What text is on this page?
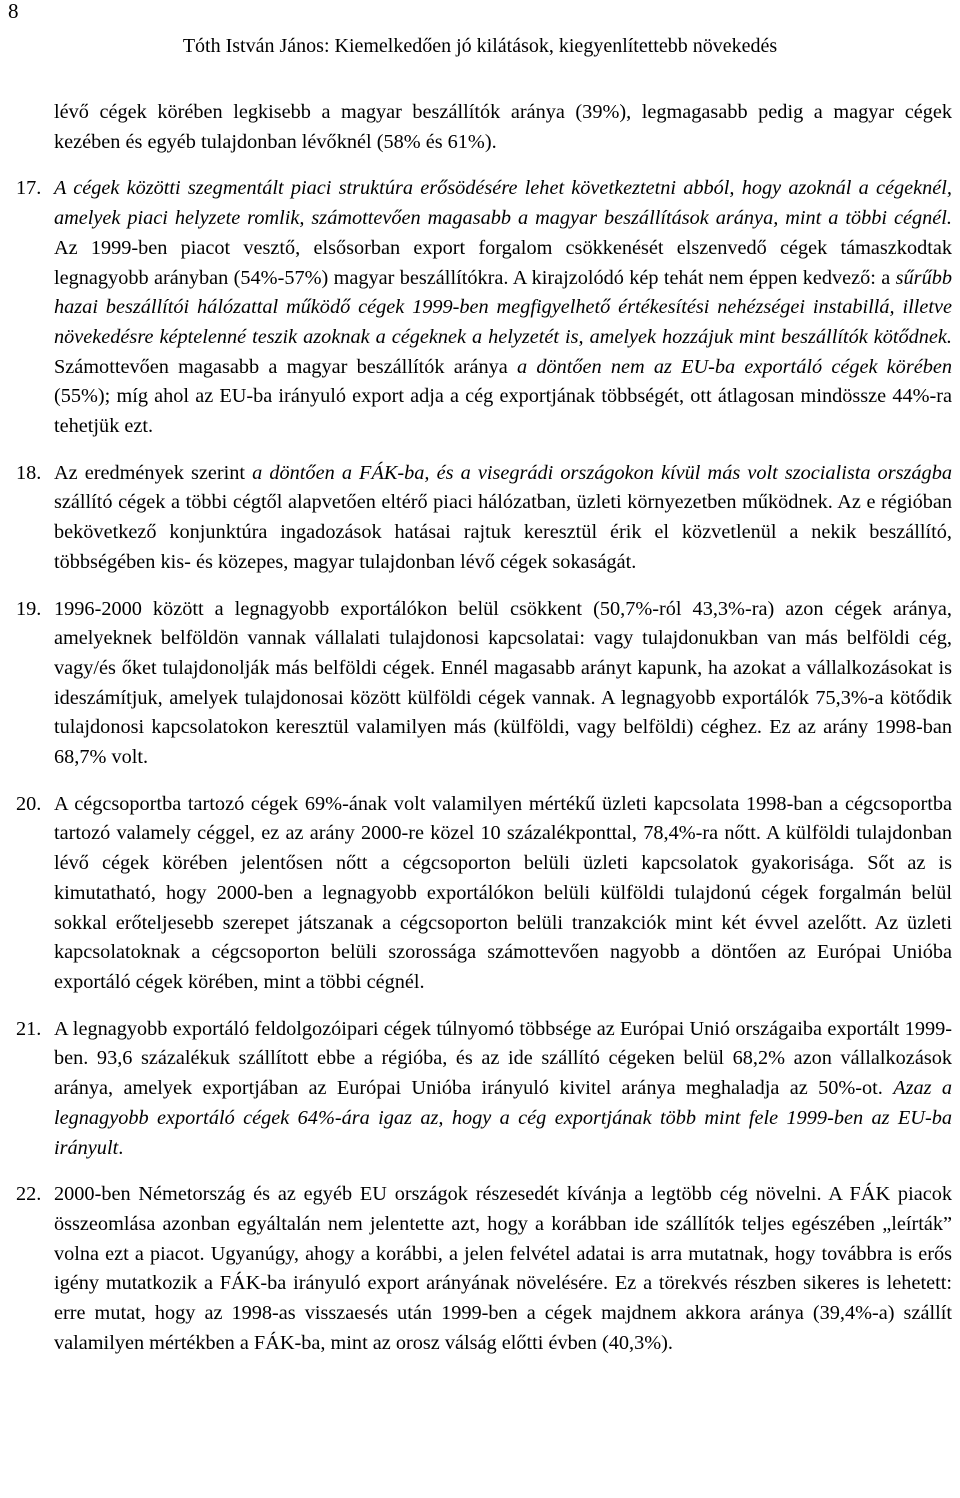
8
Tóth István János: Kiemelkedően jó kilátások, kiegyenlítettebb növekedés
lévő cégek körében legkisebb a magyar beszállítók aránya (39%), legmagasabb pedig a magyar cégek kezében és egyéb tulajdonban lévőknél (58% és 61%).
17. A cégek közötti szegmentált piaci struktúra erősödésére lehet következtetni abból, hogy azoknál a cégeknél, amelyek piaci helyzete romlik, számottevően magasabb a magyar beszállítások aránya, mint a többi cégnél. Az 1999-ben piacot vesztő, elsősorban export forgalom csökkenését elszenvedő cégek támaszkodtak legnagyobb arányban (54%-57%) magyar beszállítókra. A kirajzolódó kép tehát nem éppen kedvező: a sűrűbb hazai beszállítói hálózattal működő cégek 1999-ben megfigyelhető értékesítési nehézségei instabillá, illetve növekedésre képtelenné teszik azoknak a cégeknek a helyzetét is, amelyek hozzájuk mint beszállítók kötődnek. Számottevően magasabb a magyar beszállítók aránya a döntően nem az EU-ba exportáló cégek körében (55%); míg ahol az EU-ba irányuló export adja a cég exportjának többségét, ott átlagosan mindössze 44%-ra tehetjük ezt.
18. Az eredmények szerint a döntően a FÁK-ba, és a visegrádi országokon kívül más volt szocialista országba szállító cégek a többi cégtől alapvetően eltérő piaci hálózatban, üzleti környezetben működnek. Az e régióban bekövetkező konjunktúra ingadozások hatásai rajtuk keresztül érik el közvetlenül a nekik beszállító, többségében kis- és közepes, magyar tulajdonban lévő cégek sokaságát.
19. 1996-2000 között a legnagyobb exportálókon belül csökkent (50,7%-ról 43,3%-ra) azon cégek aránya, amelyeknek belföldön vannak vállalati tulajdonosi kapcsolatai: vagy tulajdonukban van más belföldi cég, vagy/és őket tulajdonolják más belföldi cégek. Ennél magasabb arányt kapunk, ha azokat a vállalkozásokat is ideszámítjuk, amelyek tulajdonosai között külföldi cégek vannak. A legnagyobb exportálók 75,3%-a kötődik tulajdonosi kapcsolatokon keresztül valamilyen más (külföldi, vagy belföldi) céghez. Ez az arány 1998-ban 68,7% volt.
20. A cégcsoportba tartozó cégek 69%-ának volt valamilyen mértékű üzleti kapcsolata 1998-ban a cégcsoportba tartozó valamely céggel, ez az arány 2000-re közel 10 százalékponttal, 78,4%-ra nőtt. A külföldi tulajdonban lévő cégek körében jelentősen nőtt a cégcsoporton belüli üzleti kapcsolatok gyakorisága. Sőt az is kimutatható, hogy 2000-ben a legnagyobb exportálókon belüli külföldi tulajdonú cégek forgalmán belül sokkal erőteljesebb szerepet játszanak a cégcsoporton belüli tranzakciók mint két évvel azelőtt. Az üzleti kapcsolatoknak a cégcsoporton belüli szorossága számottevően nagyobb a döntően az Európai Unióba exportáló cégek körében, mint a többi cégnél.
21. A legnagyobb exportáló feldolgozóipari cégek túlnyomó többsége az Európai Unió országaiba exportált 1999-ben. 93,6 százalékuk szállított ebbe a régióba, és az ide szállító cégeken belül 68,2% azon vállalkozások aránya, amelyek exportjában az Európai Unióba irányuló kivitel aránya meghaladja az 50%-ot. Azaz a legnagyobb exportáló cégek 64%-ára igaz az, hogy a cég exportjának több mint fele 1999-ben az EU-ba irányult.
22. 2000-ben Németország és az egyéb EU országok részesedét kívánja a legtöbb cég növelni. A FÁK piacok összeomlása azonban egyáltalán nem jelentette azt, hogy a korábban ide szállítók teljes egészében „leírták” volna ezt a piacot. Ugyanúgy, ahogy a korábbi, a jelen felvétel adatai is arra mutatnak, hogy továbbra is erős igény mutatkozik a FÁK-ba irányuló export arányának növelésére. Ez a törekvés részben sikeres is lehetett: erre mutat, hogy az 1998-as visszaesés után 1999-ben a cégek majdnem akkora aránya (39,4%-a) szállít valamilyen mértékben a FÁK-ba, mint az orosz válság előtti évben (40,3%).
